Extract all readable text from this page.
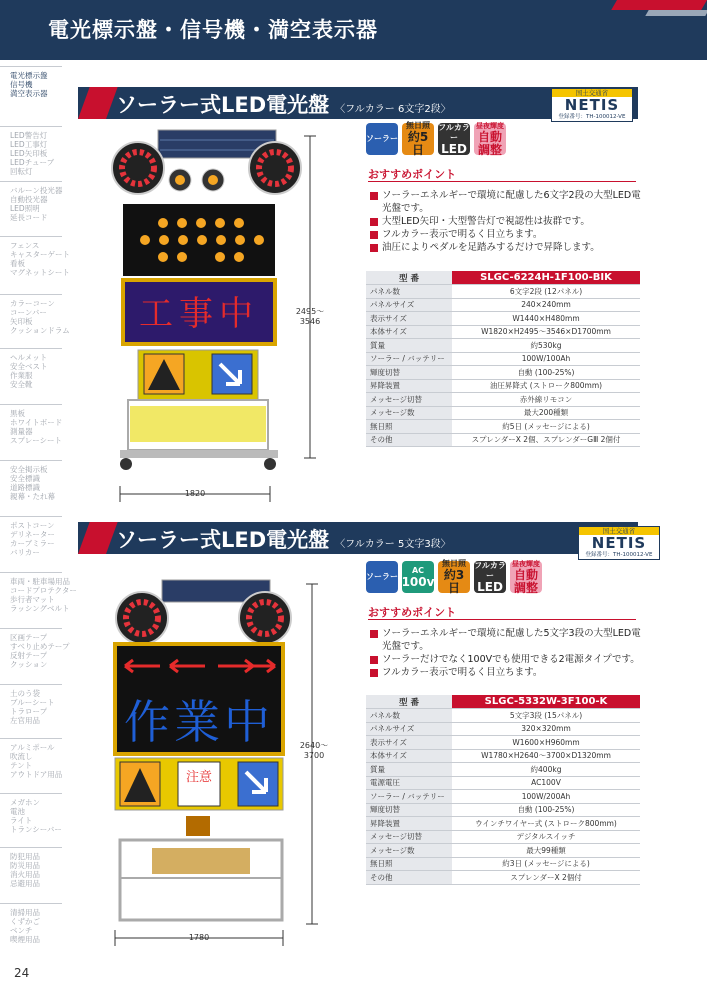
電光標示盤・信号機・満空表示器
電光標示盤
信号機
満空表示器
LED警告灯
LED工事灯
LED矢印板
LEDチューブ
回転灯
バルーン投光器
自動投光器
LED照明
延長コード
フェンス
キャスターゲート
看板
マグネットシート
カラーコーン
コーンバー
矢印板
クッションドラム
ヘルメット
安全ベスト
作業服
安全靴
黒板
ホワイトボード
測量器
スプレーシート
安全掲示板
安全標識
道路標識
親幕・たれ幕
ポストコーン
デリネーター
カーブミラー
バリカー
車両・駐車場用品
コードプロテクター
歩行者マット
ラッシングベルト
区画テープ
すべり止めテープ
反射テープ
クッション
土のう袋
ブルーシート
トラロープ
左官用品
アルミポール
吹流し
テント
アウトドア用品
メガホン
電池
ライト
トランシーバー
防犯用品
防災用品
消火用品
忌避用品
清掃用品
くずかご
ベンチ
喫煙用品
ソーラー式LED電光盤 〈フルカラー 6文字2段〉
国土交通省
NETIS
登録番号：TH-100012-VE
ソーラー
無日照
約5日
フルカラー
LED
昼夜輝度
自動調整
おすすめポイント
ソーラーエネルギーで環境に配慮した6文字2段の大型LED電光盤です。
大型LED矢印・大型警告灯で視認性は抜群です。
フルカラー表示で明るく目立ちます。
油圧によりペダルを足踏みするだけで昇降します。
型 番	SLGC-6224H-1F100-BIK
パネル数	6文字2段 (12パネル)
パネルサイズ	240×240mm
表示サイズ	W1440×H480mm
本体サイズ	W1820×H2495～3546×D1700mm
質量	約530kg
ソーラー / バッテリー	100W/100Ah
輝度切替	自動 (100-25%)
昇降装置	油圧昇降式 (ストローク800mm)
メッセージ切替	赤外線リモコン
メッセージ数	最大200種類
無日照	約5日 (メッセージによる)
その他	スプレンダーX 2個、スプレンダーGⅢ 2個付
工事中
1820
2495～
3546
ソーラー式LED電光盤 〈フルカラー 5文字3段〉
国土交通省
NETIS
登録番号：TH-100012-VE
ソーラー
AC
100v
無日照
約3日
フルカラー
LED
昼夜輝度
自動調整
おすすめポイント
ソーラーエネルギーで環境に配慮した5文字3段の大型LED電光盤です。
ソーラーだけでなく100Vでも使用できる2電源タイプです。
フルカラー表示で明るく目立ちます。
型 番	SLGC-5332W-3F100-K
パネル数	5文字3段 (15パネル)
パネルサイズ	320×320mm
表示サイズ	W1600×H960mm
本体サイズ	W1780×H2640～3700×D1320mm
質量	約400kg
電源電圧	AC100V
ソーラー / バッテリー	100W/200Ah
輝度切替	自動 (100-25%)
昇降装置	ウインチワイヤー式 (ストローク800mm)
メッセージ切替	デジタルスイッチ
メッセージ数	最大99種類
無日照	約3日 (メッセージによる)
その他	スプレンダーX 2個付
作業中
注意
1780
2640～
3700
24
